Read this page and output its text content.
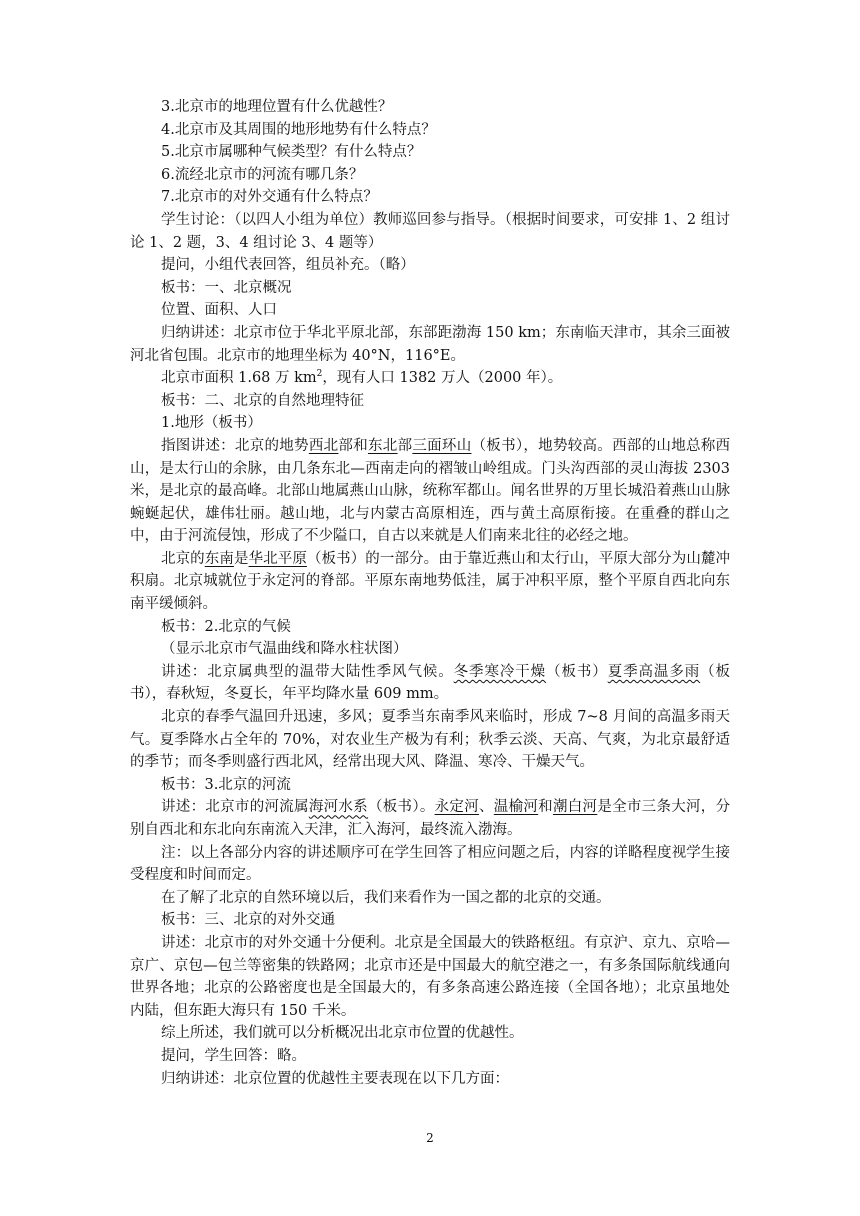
3.北京市的地理位置有什么优越性？

4.北京市及其周围的地形地势有什么特点？

5.北京市属哪种气候类型？有什么特点？

6.流经北京市的河流有哪几条？

7.北京市的对外交通有什么特点？

学生讨论：（以四人小组为单位）教师巡回参与指导。（根据时间要求，可安排 1、2 组讨论 1、2 题，3、4 组讨论 3、4 题等）

提问，小组代表回答，组员补充。（略）

板书：一、北京概况

位置、面积、人口

归纳讲述：北京市位于华北平原北部，东部距渤海 150 km；东南临天津市，其余三面被河北省包围。北京市的地理坐标为 40°N，116°E。

北京市面积 1.68 万 $km^2$，现有人口 1382 万人（2000 年）。

板书：二、北京的自然地理特征

1.地形（板书）

指图讲述：北京的地势西北部和东北部三面环山（板书），地势较高。西部的山地总称西山，是太行山的余脉，由几条东北—西南走向的褶皱山岭组成。门头沟西部的灵山海拔 2303 米，是北京的最高峰。北部山地属燕山山脉，统称军都山。闻名世界的万里长城沿着燕山山脉蜿蜒起伏，雄伟壮丽。越山地，北与内蒙古高原相连，西与黄土高原衔接。在重叠的群山之中，由于河流侵蚀，形成了不少隘口，自古以来就是人们南来北往的必经之地。

北京的东南是华北平原（板书）的一部分。由于靠近燕山和太行山，平原大部分为山麓冲积扇。北京城就位于永定河的脊部。平原东南地势低洼，属于冲积平原，整个平原自西北向东南平缓倾斜。

板书：2.北京的气候

（显示北京市气温曲线和降水柱状图）

讲述：北京属典型的温带大陆性季风气候。冬季寒冷干燥（板书）夏季高温多雨（板书），春秋短，冬夏长，年平均降水量 609 mm。

北京的春季气温回升迅速，多风；夏季当东南季风来临时，形成 7~8 月间的高温多雨天气。夏季降水占全年的 70%，对农业生产极为有利；秋季云淡、天高、气爽，为北京最舒适的季节；而冬季则盛行西北风，经常出现大风、降温、寒冷、干燥天气。

板书：3.北京的河流

讲述：北京市的河流属海河水系（板书）。永定河、温榆河和潮白河是全市三条大河，分别自西北和东北向东南流入天津，汇入海河，最终流入渤海。

注：以上各部分内容的讲述顺序可在学生回答了相应问题之后，内容的详略程度视学生接受程度和时间而定。

在了解了北京的自然环境以后，我们来看作为一国之都的北京的交通。

板书：三、北京的对外交通

讲述：北京市的对外交通十分便利。北京是全国最大的铁路枢纽。有京沪、京九、京哈—京广、京包—包兰等密集的铁路网；北京市还是中国最大的航空港之一，有多条国际航线通向世界各地；北京的公路密度也是全国最大的，有多条高速公路连接（全国各地）；北京虽地处内陆，但东距大海只有 150 千米。

综上所述，我们就可以分析概况出北京市位置的优越性。

提问，学生回答：略。

归纳讲述：北京位置的优越性主要表现在以下几方面：

2
